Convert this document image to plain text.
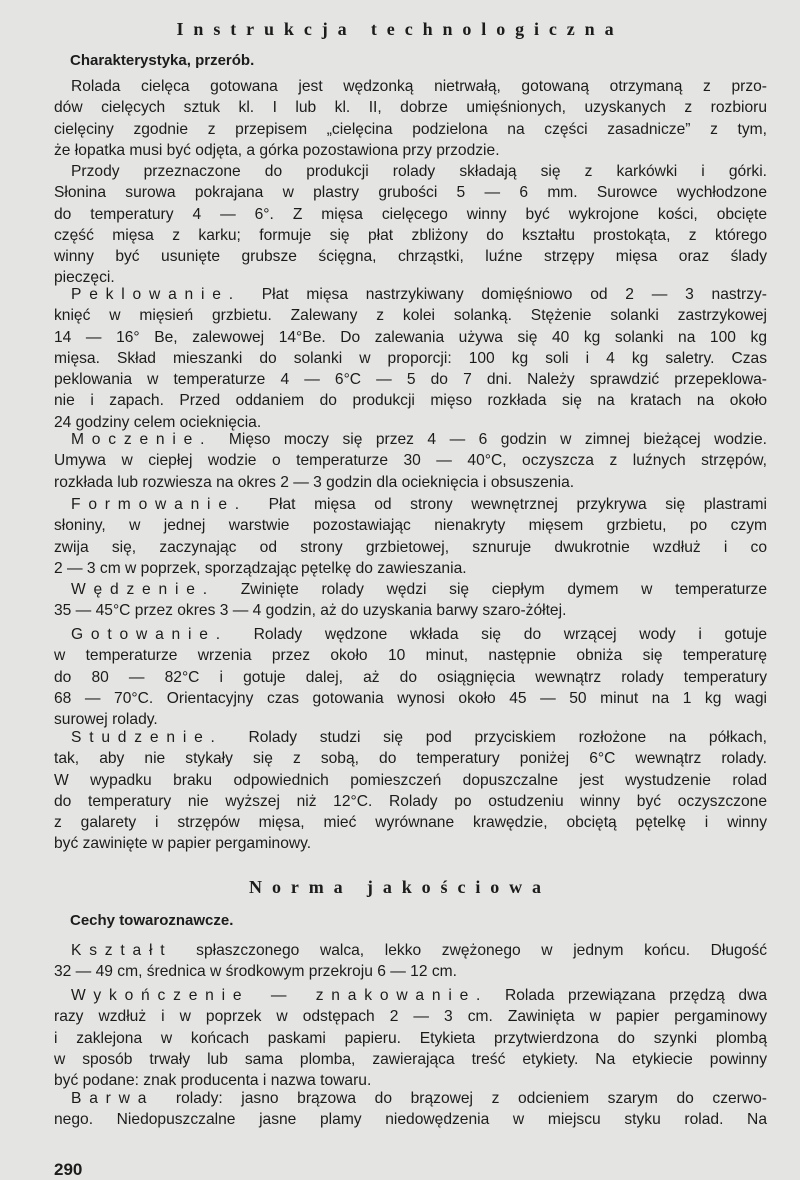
Instrukcja technologiczna
Charakterystyka, przerób.
Rolada cielęca gotowana jest wędzonką nietrwałą, gotowaną otrzymaną z przo-
dów cielęcych sztuk kl. I lub kl. II, dobrze umięśnionych, uzyskanych z rozbioru
cielęciny zgodnie z przepisem „cielęcina podzielona na części zasadnicze” z tym,
że łopatka musi być odjęta, a górka pozostawiona przy przodzie.
Przody przeznaczone do produkcji rolady składają się z karkówki i górki.
Słonina surowa pokrajana w plastry grubości 5 — 6 mm. Surowce wychłodzone
do temperatury 4 — 6°. Z mięsa cielęcego winny być wykrojone kości, obcięte
część mięsa z karku; formuje się płat zbliżony do kształtu prostokąta, z którego
winny być usunięte grubsze ścięgna, chrząstki, luźne strzępy mięsa oraz ślady
pieczęci.
Peklowanie. Płat mięsa nastrzykiwany domięśniowo od 2 — 3 nastrzy-
knięć w mięsień grzbietu. Zalewany z kolei solanką. Stężenie solanki zastrzykowej
14 — 16° Be, zalewowej 14°Be. Do zalewania używa się 40 kg solanki na 100 kg
mięsa. Skład mieszanki do solanki w proporcji: 100 kg soli i 4 kg saletry. Czas
peklowania w temperaturze 4 — 6°C — 5 do 7 dni. Należy sprawdzić przepeklowa-
nie i zapach. Przed oddaniem do produkcji mięso rozkłada się na kratach na około
24 godziny celem ocieknięcia.
Moczenie. Mięso moczy się przez 4 — 6 godzin w zimnej bieżącej wodzie.
Umywa w ciepłej wodzie o temperaturze 30 — 40°C, oczyszcza z luźnych strzępów,
rozkłada lub rozwiesza na okres 2 — 3 godzin dla ocieknięcia i obsuszenia.
Formowanie. Płat mięsa od strony wewnętrznej przykrywa się plastrami
słoniny, w jednej warstwie pozostawiając nienakryty mięsem grzbietu, po czym
zwija się, zaczynając od strony grzbietowej, sznuruje dwukrotnie wzdłuż i co
2 — 3 cm w poprzek, sporządzając pętelkę do zawieszania.
Wędzenie. Zwinięte rolady wędzi się ciepłym dymem w temperaturze
35 — 45°C przez okres 3 — 4 godzin, aż do uzyskania barwy szaro-żółtej.
Gotowanie. Rolady wędzone wkłada się do wrzącej wody i gotuje
w temperaturze wrzenia przez około 10 minut, następnie obniża się temperaturę
do 80 — 82°C i gotuje dalej, aż do osiągnięcia wewnątrz rolady temperatury
68 — 70°C. Orientacyjny czas gotowania wynosi około 45 — 50 minut na 1 kg wagi
surowej rolady.
Studzenie. Rolady studzi się pod przyciskiem rozłożone na półkach,
tak, aby nie stykały się z sobą, do temperatury poniżej 6°C wewnątrz rolady.
W wypadku braku odpowiednich pomieszczeń dopuszczalne jest wystudzenie rolad
do temperatury nie wyższej niż 12°C. Rolady po ostudzeniu winny być oczyszczone
z galarety i strzępów mięsa, mieć wyrównane krawędzie, obciętą pętelkę i winny
być zawinięte w papier pergaminowy.
Norma jakościowa
Cechy towaroznawcze.
Kształt spłaszczonego walca, lekko zwężonego w jednym końcu. Długość
32 — 49 cm, średnica w środkowym przekroju 6 — 12 cm.
Wykończenie — znakowanie. Rolada przewiązana przędzą dwa
razy wzdłuż i w poprzek w odstępach 2 — 3 cm. Zawinięta w papier pergaminowy
i zaklejona w końcach paskami papieru. Etykieta przytwierdzona do szynki plombą
w sposób trwały lub sama plomba, zawierająca treść etykiety. Na etykiecie powinny
być podane: znak producenta i nazwa towaru.
Barwa rolady: jasno brązowa do brązowej z odcieniem szarym do czerwo-
nego. Niedopuszczalne jasne plamy niedowędzenia w miejscu styku rolad. Na
290
